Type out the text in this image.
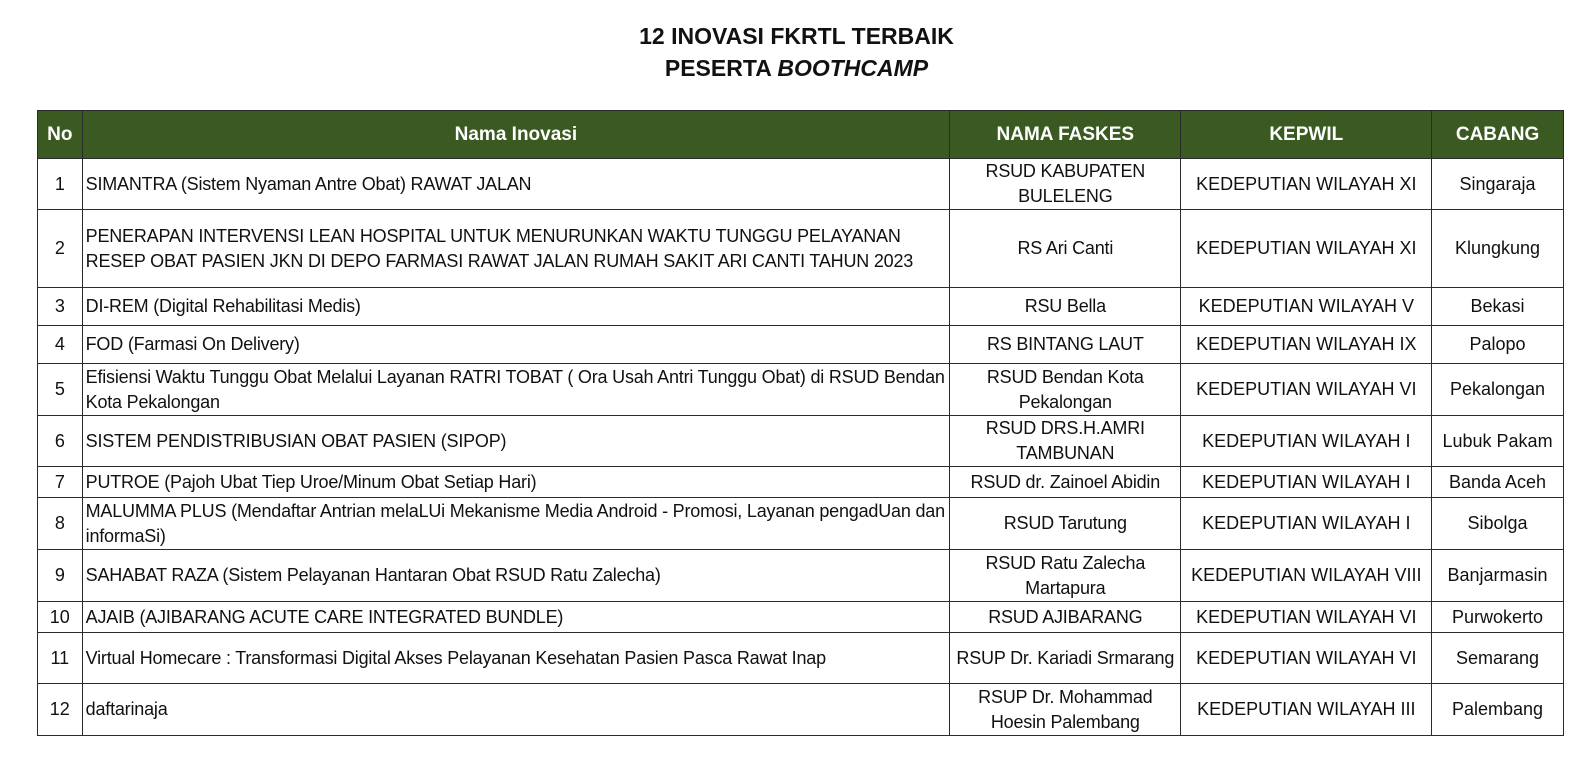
12 INOVASI FKRTL TERBAIK
PESERTA BOOTHCAMP
No	Nama Inovasi	NAMA FASKES	KEPWIL	CABANG
1	SIMANTRA (Sistem Nyaman Antre Obat) RAWAT JALAN	RSUD KABUPATEN BULELENG	KEDEPUTIAN WILAYAH XI	Singaraja
2	PENERAPAN INTERVENSI LEAN HOSPITAL UNTUK MENURUNKAN WAKTU TUNGGU PELAYANAN RESEP OBAT PASIEN JKN DI DEPO FARMASI RAWAT JALAN RUMAH SAKIT ARI CANTI TAHUN 2023	RS Ari Canti	KEDEPUTIAN WILAYAH XI	Klungkung
3	DI-REM (Digital Rehabilitasi Medis)	RSU Bella	KEDEPUTIAN WILAYAH V	Bekasi
4	FOD (Farmasi On Delivery)	RS BINTANG LAUT	KEDEPUTIAN WILAYAH IX	Palopo
5	Efisiensi Waktu Tunggu Obat Melalui Layanan RATRI TOBAT ( Ora Usah Antri Tunggu Obat) di RSUD Bendan Kota Pekalongan	RSUD Bendan Kota Pekalongan	KEDEPUTIAN WILAYAH VI	Pekalongan
6	SISTEM PENDISTRIBUSIAN OBAT PASIEN (SIPOP)	RSUD DRS.H.AMRI TAMBUNAN	KEDEPUTIAN WILAYAH I	Lubuk Pakam
7	PUTROE (Pajoh Ubat Tiep Uroe/Minum Obat Setiap Hari)	RSUD dr. Zainoel Abidin	KEDEPUTIAN WILAYAH I	Banda Aceh
8	MALUMMA PLUS (Mendaftar Antrian melaLUi Mekanisme Media Android - Promosi, Layanan pengadUan dan informaSi)	RSUD Tarutung	KEDEPUTIAN WILAYAH I	Sibolga
9	SAHABAT RAZA (Sistem Pelayanan Hantaran Obat RSUD Ratu Zalecha)	RSUD Ratu Zalecha Martapura	KEDEPUTIAN WILAYAH VIII	Banjarmasin
10	AJAIB (AJIBARANG ACUTE CARE INTEGRATED BUNDLE)	RSUD AJIBARANG	KEDEPUTIAN WILAYAH VI	Purwokerto
11	Virtual Homecare : Transformasi Digital Akses Pelayanan Kesehatan Pasien Pasca Rawat Inap	RSUP Dr. Kariadi Srmarang	KEDEPUTIAN WILAYAH VI	Semarang
12	daftarinaja	RSUP Dr. Mohammad Hoesin Palembang	KEDEPUTIAN WILAYAH III	Palembang
